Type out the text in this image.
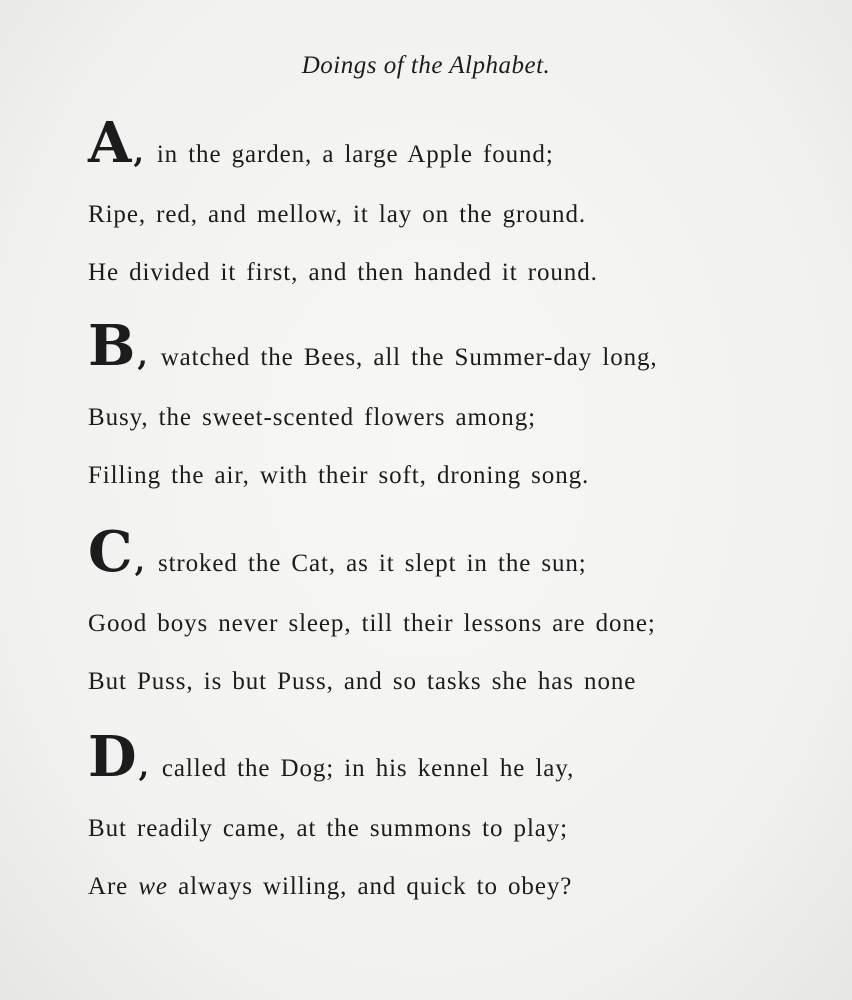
Doings of the Alphabet.
A , in the garden, a large Apple found;
Ripe, red, and mellow, it lay on the ground.
He divided it first, and then handed it round.
B , watched the Bees, all the Summer-day long,
Busy, the sweet-scented flowers among;
Filling the air, with their soft, droning song.
C , stroked the Cat, as it slept in the sun;
Good boys never sleep, till their lessons are done;
But Puss, is but Puss, and so tasks she has none
D , called the Dog; in his kennel he lay,
But readily came, at the summons to play;
Are we always willing, and quick to obey?
